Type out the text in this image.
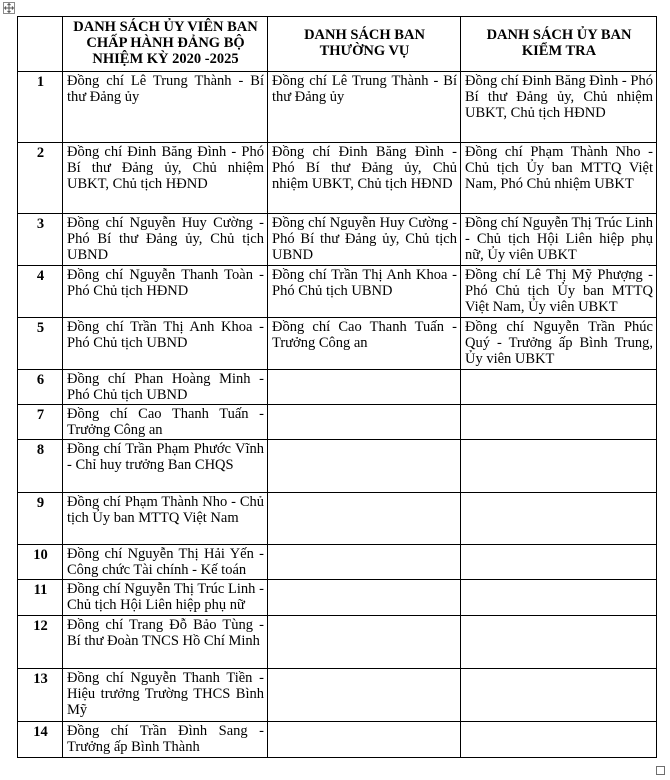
	DANH SÁCH ỦY VIÊN BAN CHẤP HÀNH ĐẢNG BỘ NHIỆM KỲ 2020 -2025	DANH SÁCH BAN THƯỜNG VỤ	DANH SÁCH ỦY BAN KIỂM TRA
1	Đồng chí Lê Trung Thành - Bí thư Đảng ủy	Đồng chí Lê Trung Thành - Bí thư Đảng ủy	Đồng chí Đinh Băng Đình - Phó Bí thư Đảng ủy, Chủ nhiệm UBKT, Chủ tịch HĐND
2	Đồng chí Đinh Băng Đình - Phó Bí thư Đảng ủy, Chủ nhiệm UBKT, Chủ tịch HĐND	Đồng chí Đinh Băng Đình - Phó Bí thư Đảng ủy, Chủ nhiệm UBKT, Chủ tịch HĐND	Đồng chí Phạm Thành Nho - Chủ tịch Ủy ban MTTQ Việt Nam, Phó Chủ nhiệm UBKT
3	Đồng chí Nguyễn Huy Cường - Phó Bí thư Đảng ủy, Chủ tịch UBND	Đồng chí Nguyễn Huy Cường - Phó Bí thư Đảng ủy, Chủ tịch UBND	Đồng chí Nguyễn Thị Trúc Linh - Chủ tịch Hội Liên hiệp phụ nữ, Ủy viên UBKT
4	Đồng chí Nguyễn Thanh Toàn - Phó Chủ tịch HĐND	Đồng chí Trần Thị Anh Khoa - Phó Chủ tịch UBND	Đồng chí Lê Thị Mỹ Phượng - Phó Chủ tịch Ủy ban MTTQ Việt Nam, Ủy viên UBKT
5	Đồng chí Trần Thị Anh Khoa - Phó Chủ tịch UBND	Đồng chí Cao Thanh Tuấn - Trưởng Công an	Đồng chí Nguyễn Trần Phúc Quý - Trưởng ấp Bình Trung, Ủy viên UBKT
6	Đồng chí Phan Hoàng Minh - Phó Chủ tịch UBND		
7	Đồng chí Cao Thanh Tuấn - Trưởng Công an		
8	Đồng chí Trần Phạm Phước Vĩnh - Chỉ huy trưởng Ban CHQS		
9	Đồng chí Phạm Thành Nho - Chủ tịch Ủy ban MTTQ Việt Nam		
10	Đồng chí Nguyễn Thị Hải Yến - Công chức Tài chính - Kế toán		
11	Đồng chí Nguyễn Thị Trúc Linh - Chủ tịch Hội Liên hiệp phụ nữ		
12	Đồng chí Trang Đỗ Bảo Tùng - Bí thư Đoàn TNCS Hồ Chí Minh		
13	Đồng chí Nguyễn Thanh Tiền - Hiệu trưởng Trường THCS Bình Mỹ		
14	Đồng chí Trần Đình Sang - Trưởng ấp Bình Thành		
